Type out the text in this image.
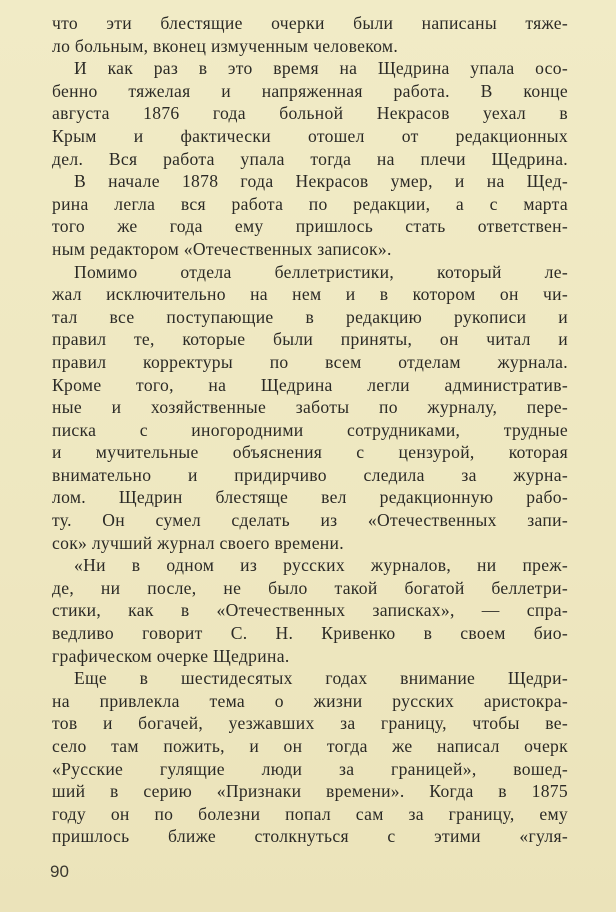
что эти блестящие очерки были написаны тяже-
ло больным, вконец измученным человеком.
И как раз в это время на Щедрина упала осо-
бенно тяжелая и напряженная работа. В конце
августа 1876 года больной Некрасов уехал в
Крым и фактически отошел от редакционных
дел. Вся работа упала тогда на плечи Щедрина.
В начале 1878 года Некрасов умер, и на Щед-
рина легла вся работа по редакции, а с марта
того же года ему пришлось стать ответствен-
ным редактором «Отечественных записок».
Помимо отдела беллетристики, который ле-
жал исключительно на нем и в котором он чи-
тал все поступающие в редакцию рукописи и
правил те, которые были приняты, он читал и
правил корректуры по всем отделам журнала.
Кроме того, на Щедрина легли административ-
ные и хозяйственные заботы по журналу, пере-
писка с иногородними сотрудниками, трудные
и мучительные объяснения с цензурой, которая
внимательно и придирчиво следила за журна-
лом. Щедрин блестяще вел редакционную рабо-
ту. Он сумел сделать из «Отечественных запи-
сок» лучший журнал своего времени.
«Ни в одном из русских журналов, ни преж-
де, ни после, не было такой богатой беллетри-
стики, как в «Отечественных записках», — спра-
ведливо говорит С. Н. Кривенко в своем био-
графическом очерке Щедрина.
Еще в шестидесятых годах внимание Щедри-
на привлекла тема о жизни русских аристокра-
тов и богачей, уезжавших за границу, чтобы ве-
село там пожить, и он тогда же написал очерк
«Русские гулящие люди за границей», вошед-
ший в серию «Признаки времени». Когда в 1875
году он по болезни попал сам за границу, ему
пришлось ближе столкнуться с этими «гуля-
90
